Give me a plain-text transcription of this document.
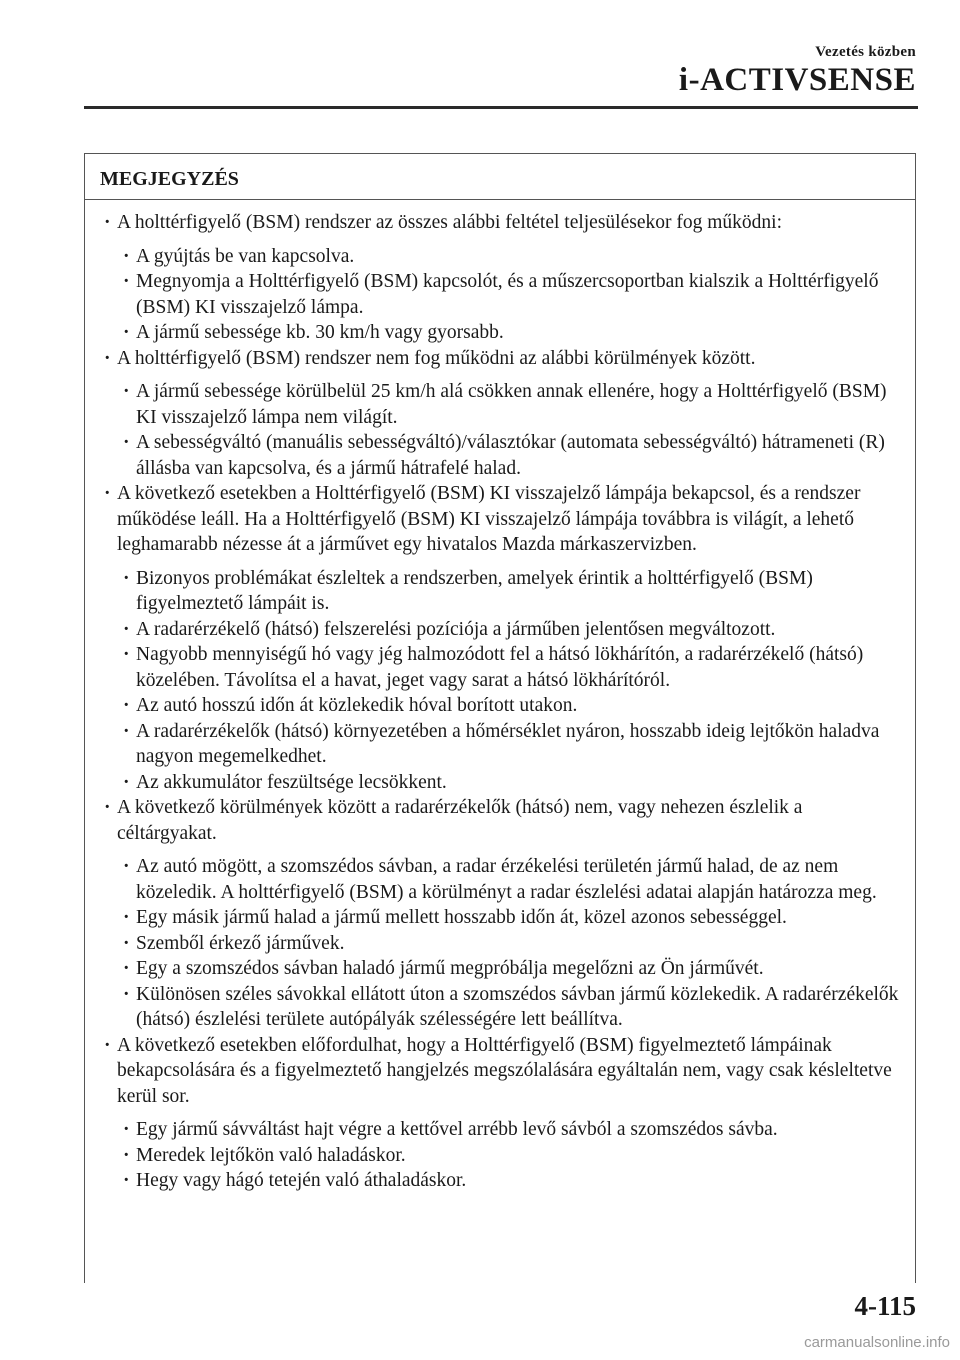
Vezetés közben
i-ACTIVSENSE
MEGJEGYZÉS
· A holttérfigyelő (BSM) rendszer az összes alábbi feltétel teljesülésekor fog működni:
· A gyújtás be van kapcsolva.
· Megnyomja a Holttérfigyelő (BSM) kapcsolót, és a műszercsoportban kialszik a Holttérfigyelő (BSM) KI visszajelző lámpa.
· A jármű sebessége kb. 30 km/h vagy gyorsabb.
· A holttérfigyelő (BSM) rendszer nem fog működni az alábbi körülmények között.
· A jármű sebessége körülbelül 25 km/h alá csökken annak ellenére, hogy a Holttérfigyelő (BSM) KI visszajelző lámpa nem világít.
· A sebességváltó (manuális sebességváltó)/választókar (automata sebességváltó) hátrameneti (R) állásba van kapcsolva, és a jármű hátrafelé halad.
· A következő esetekben a Holttérfigyelő (BSM) KI visszajelző lámpája bekapcsol, és a rendszer működése leáll. Ha a Holttérfigyelő (BSM) KI visszajelző lámpája továbbra is világít, a lehető leghamarabb nézesse át a járművet egy hivatalos Mazda márkaszervizben.
· Bizonyos problémákat észleltek a rendszerben, amelyek érintik a holttérfigyelő (BSM) figyelmeztető lámpáit is.
· A radarérzékelő (hátsó) felszerelési pozíciója a járműben jelentősen megváltozott.
· Nagyobb mennyiségű hó vagy jég halmozódott fel a hátsó lökhárítón, a radarérzékelő (hátsó) közelében. Távolítsa el a havat, jeget vagy sarat a hátsó lökhárítóról.
· Az autó hosszú időn át közlekedik hóval borított utakon.
· A radarérzékelők (hátsó) környezetében a hőmérséklet nyáron, hosszabb ideig lejtőkön haladva nagyon megemelkedhet.
· Az akkumulátor feszültsége lecsökkent.
· A következő körülmények között a radarérzékelők (hátsó) nem, vagy nehezen észlelik a céltárgyakat.
· Az autó mögött, a szomszédos sávban, a radar érzékelési területén jármű halad, de az nem közeledik. A holttérfigyelő (BSM) a körülményt a radar észlelési adatai alapján határozza meg.
· Egy másik jármű halad a jármű mellett hosszabb időn át, közel azonos sebességgel.
· Szemből érkező járművek.
· Egy a szomszédos sávban haladó jármű megpróbálja megelőzni az Ön járművét.
· Különösen széles sávokkal ellátott úton a szomszédos sávban jármű közlekedik. A radarérzékelők (hátsó) észlelési területe autópályák szélességére lett beállítva.
· A következő esetekben előfordulhat, hogy a Holttérfigyelő (BSM) figyelmeztető lámpáinak bekapcsolására és a figyelmeztető hangjelzés megszólalására egyáltalán nem, vagy csak késleltetve kerül sor.
· Egy jármű sávváltást hajt végre a kettővel arrébb levő sávból a szomszédos sávba.
· Meredek lejtőkön való haladáskor.
· Hegy vagy hágó tetején való áthaladáskor.
4-115
carmanualsonline.info
